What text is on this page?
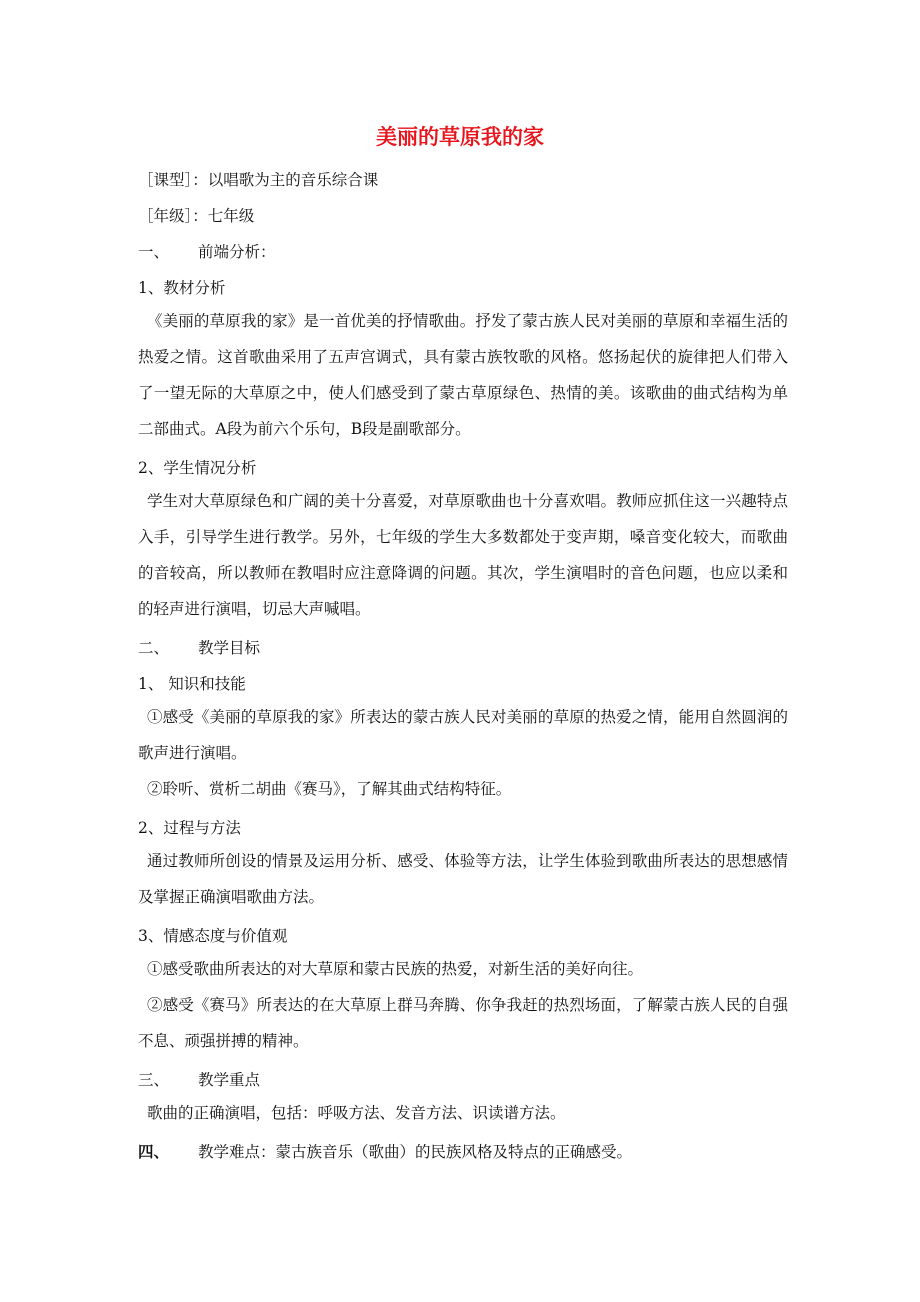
美丽的草原我的家
［课型］：以唱歌为主的音乐综合课
［年级］：七年级
一、 前端分析：
1、教材分析

《美丽的草原我的家》是一首优美的抒情歌曲。抒发了蒙古族人民对美丽的草原和幸福生活的热爱之情。这首歌曲采用了五声宫调式，具有蒙古族牧歌的风格。悠扬起伏的旋律把人们带入了一望无际的大草原之中，使人们感受到了蒙古草原绿色、热情的美。该歌曲的曲式结构为单二部曲式。A段为前六个乐句，B段是副歌部分。

2、学生情况分析

学生对大草原绿色和广阔的美十分喜爱，对草原歌曲也十分喜欢唱。教师应抓住这一兴趣特点入手，引导学生进行教学。另外，七年级的学生大多数都处于变声期，嗓音变化较大，而歌曲的音较高，所以教师在教唱时应注意降调的问题。其次，学生演唱时的音色问题，也应以柔和的轻声进行演唱，切忌大声喊唱。

二、 教学目标
1、 知识和技能

①感受《美丽的草原我的家》所表达的蒙古族人民对美丽的草原的热爱之情，能用自然圆润的歌声进行演唱。

②聆听、赏析二胡曲《赛马》，了解其曲式结构特征。

2、过程与方法

通过教师所创设的情景及运用分析、感受、体验等方法，让学生体验到歌曲所表达的思想感情及掌握正确演唱歌曲方法。

3、情感态度与价值观

①感受歌曲所表达的对大草原和蒙古民族的热爱，对新生活的美好向往。

②感受《赛马》所表达的在大草原上群马奔腾、你争我赶的热烈场面，了解蒙古族人民的自强不息、顽强拼搏的精神。

三、 教学重点

歌曲的正确演唱，包括：呼吸方法、发音方法、识读谱方法。

四、 教学难点：蒙古族音乐（歌曲）的民族风格及特点的正确感受。
